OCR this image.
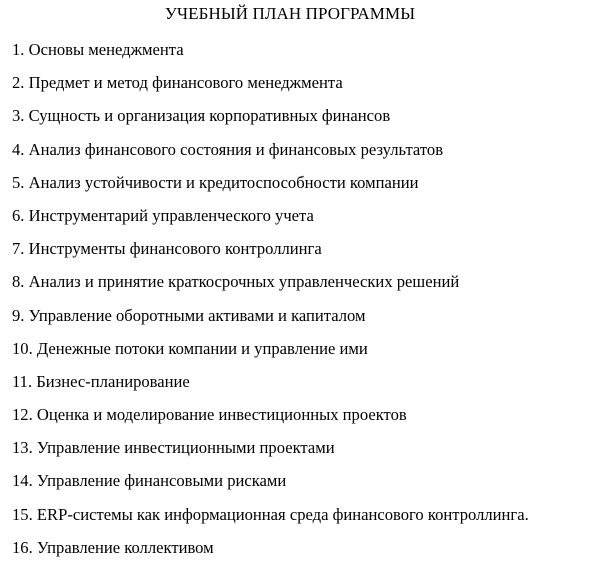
УЧЕБНЫЙ ПЛАН ПРОГРАММЫ
1. Основы менеджмента
2. Предмет и метод финансового менеджмента
3. Сущность и организация корпоративных финансов
4. Анализ финансового состояния и финансовых результатов
5. Анализ устойчивости и кредитоспособности компании
6. Инструментарий управленческого учета
7. Инструменты финансового контроллинга
8. Анализ и принятие краткосрочных управленческих решений
9. Управление оборотными активами и капиталом
10. Денежные потоки компании и управление ими
11. Бизнес-планирование
12. Оценка и моделирование инвестиционных проектов
13. Управление инвестиционными проектами
14. Управление финансовыми рисками
15. ERP-системы как информационная среда финансового контроллинга.
16. Управление коллективом
